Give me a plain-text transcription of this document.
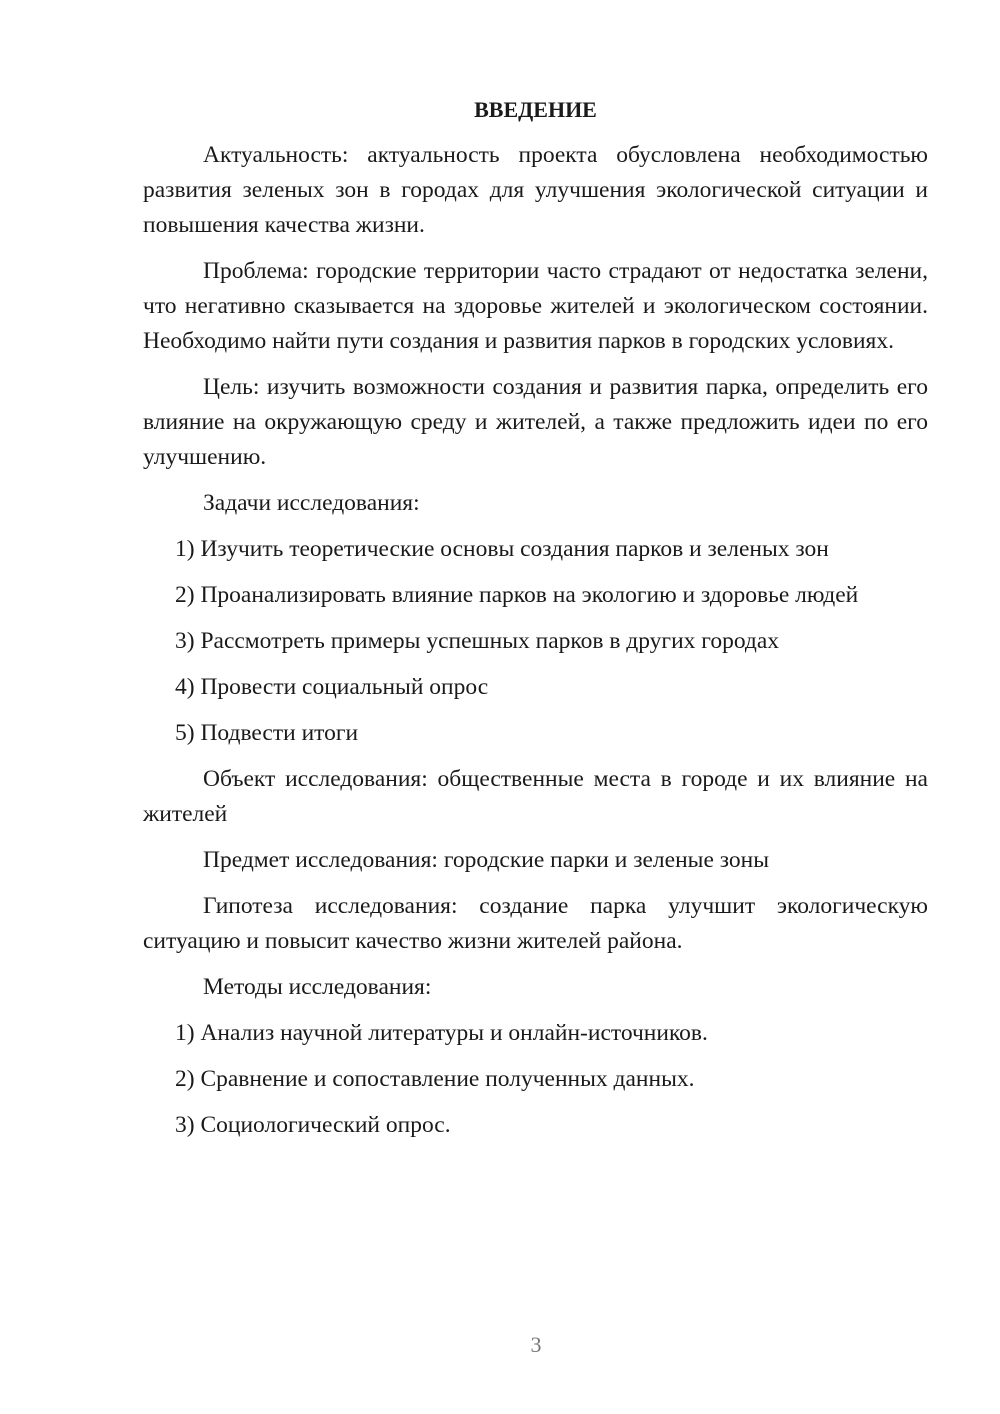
ВВЕДЕНИЕ

Актуальность: актуальность проекта обусловлена необходимостью развития зеленых зон в городах для улучшения экологической ситуации и повышения качества жизни.

Проблема: городские территории часто страдают от недостатка зелени, что негативно сказывается на здоровье жителей и экологическом состоянии. Необходимо найти пути создания и развития парков в городских условиях.

Цель: изучить возможности создания и развития парка, определить его влияние на окружающую среду и жителей, а также предложить идеи по его улучшению.

Задачи исследования:

1) Изучить теоретические основы создания парков и зеленых зон
2) Проанализировать влияние парков на экологию и здоровье людей
3) Рассмотреть примеры успешных парков в других городах
4) Провести социальный опрос
5) Подвести итоги

Объект исследования: общественные места в городе и их влияние на жителей

Предмет исследования: городские парки и зеленые зоны

Гипотеза исследования: создание парка улучшит экологическую ситуацию и повысит качество жизни жителей района.

Методы исследования:

1) Анализ научной литературы и онлайн-источников.
2) Сравнение и сопоставление полученных данных.
3) Социологический опрос.
3
